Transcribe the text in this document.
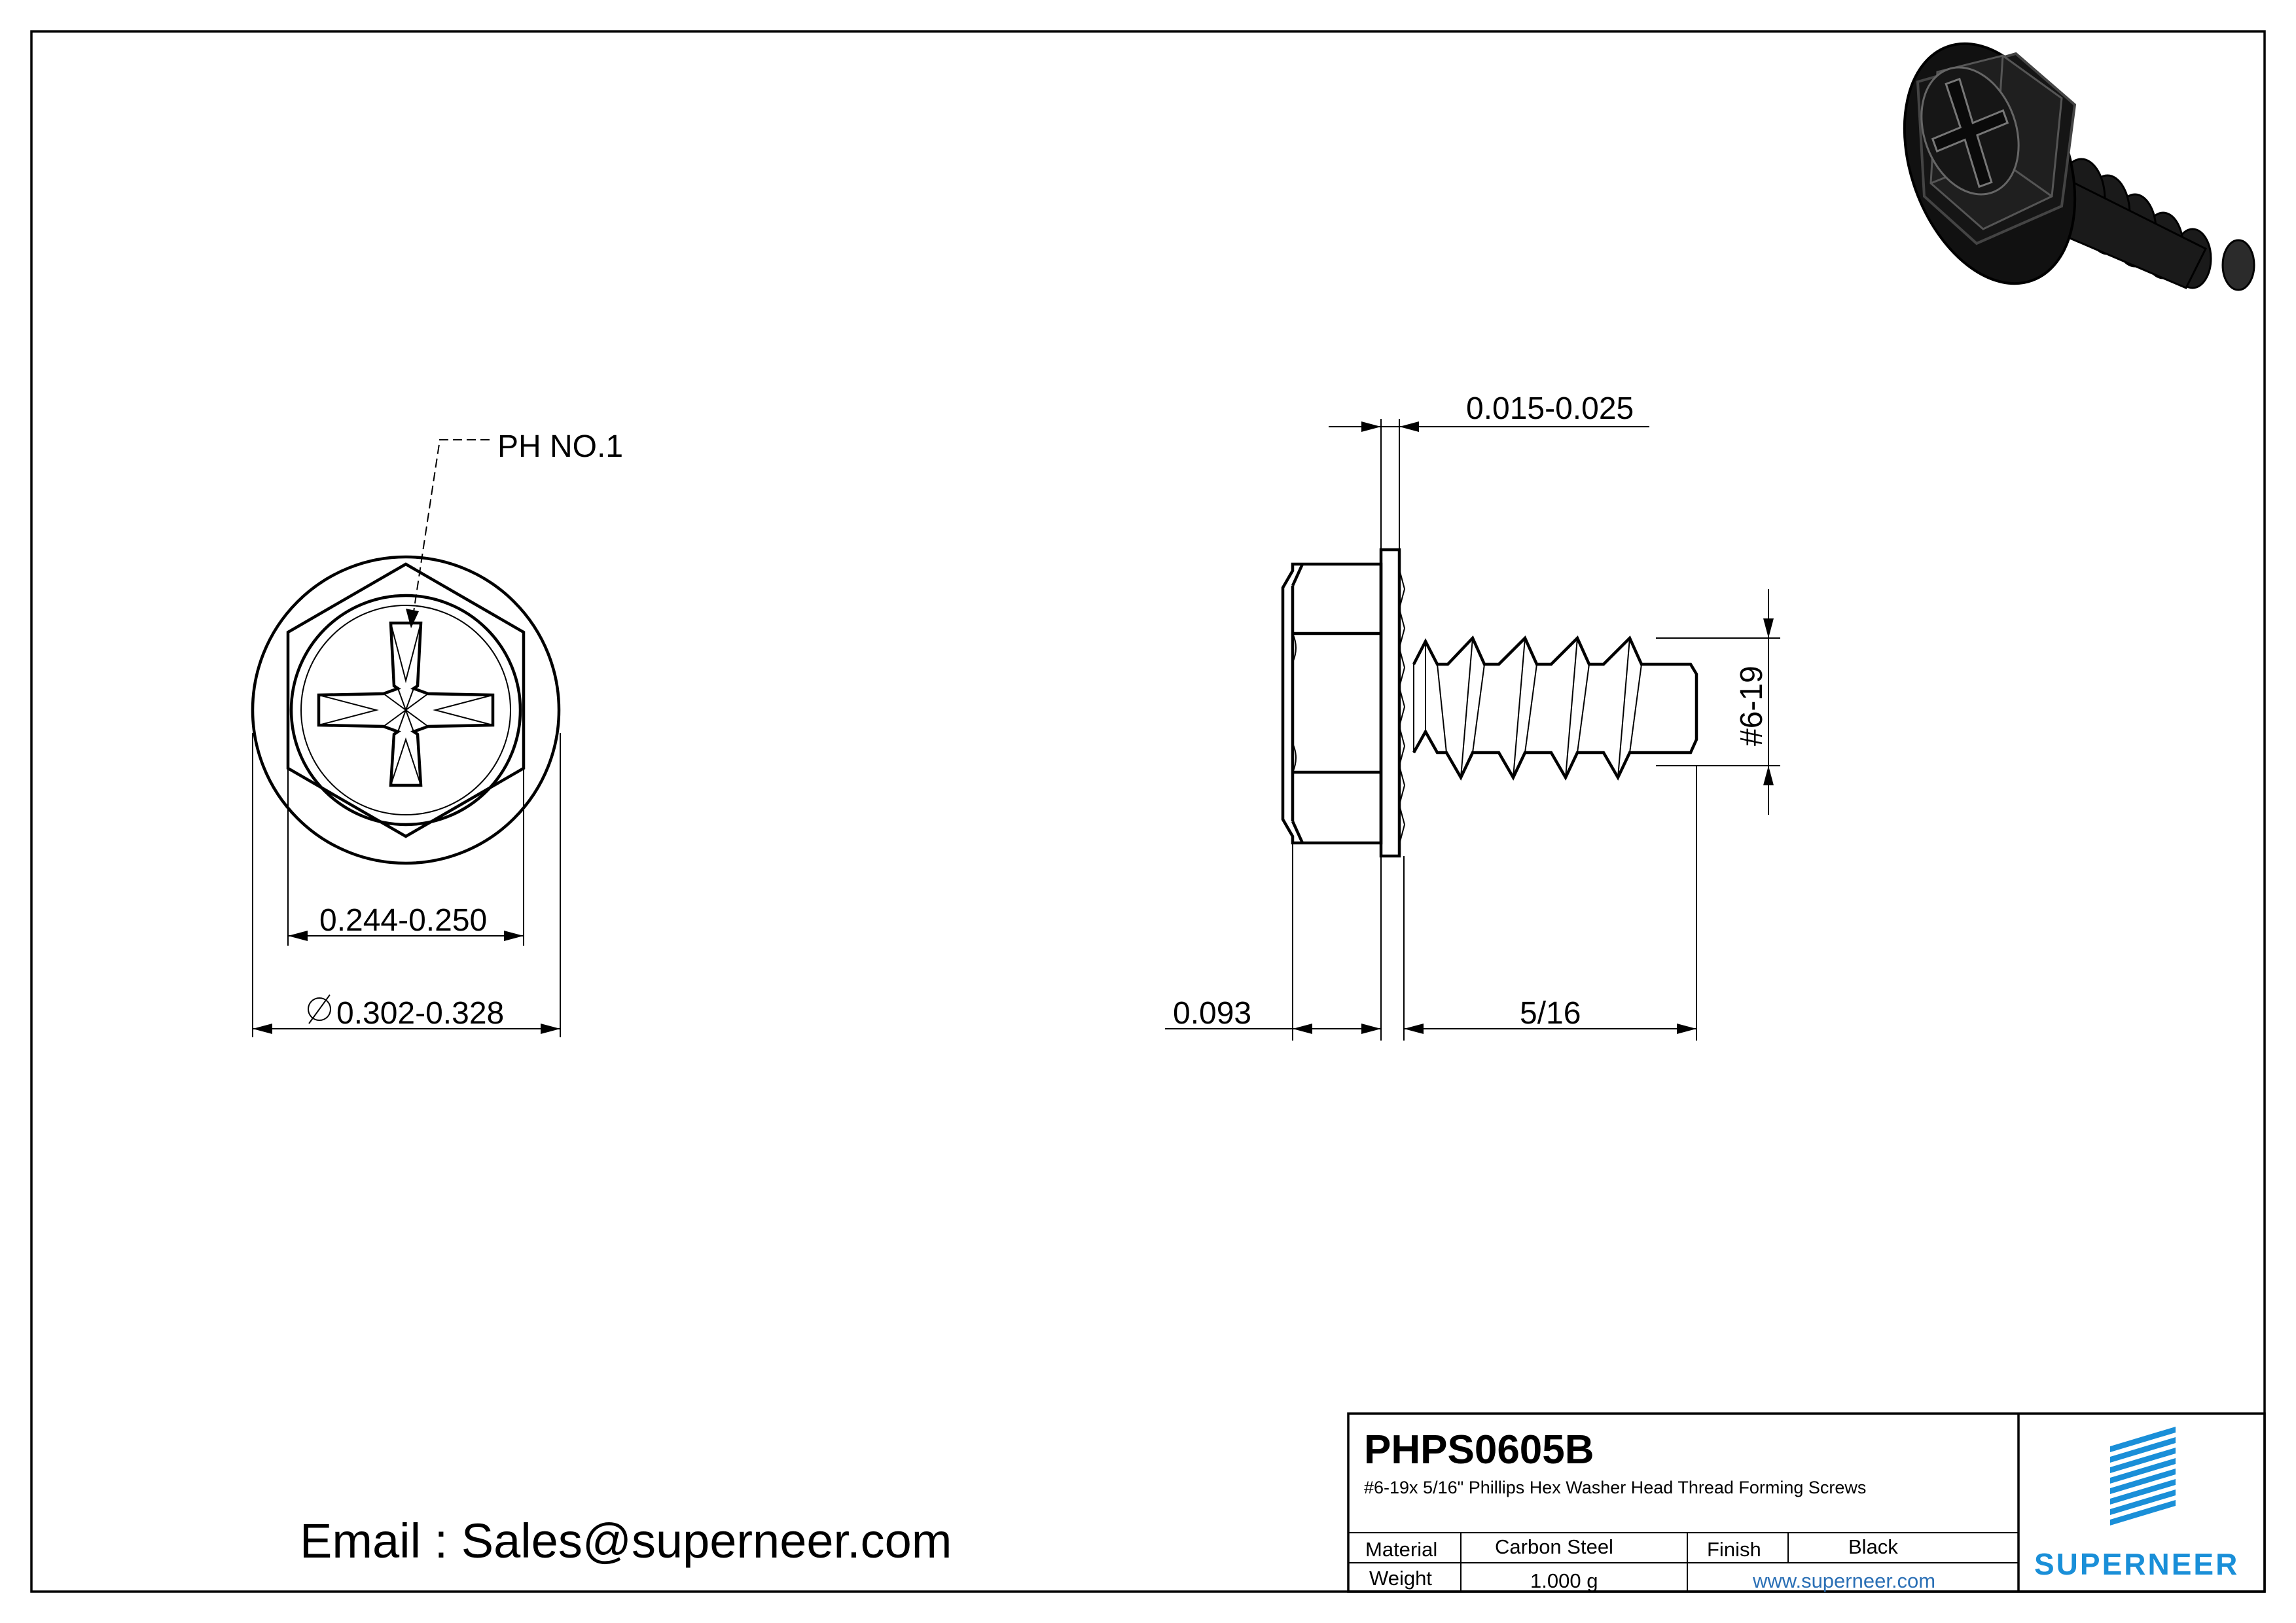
PH NO.1
0.244-0.250
0.302-0.328
0.015-0.025
#6-19
0.093	5/16
Email : Sales@superneer.com
PHPS0605B
#6-19x 5/16" Phillips Hex Washer Head Thread Forming Screws
Material	Carbon Steel	Finish	Black
Weight	1.000 g	www.superneer.com	SUPERNEER
